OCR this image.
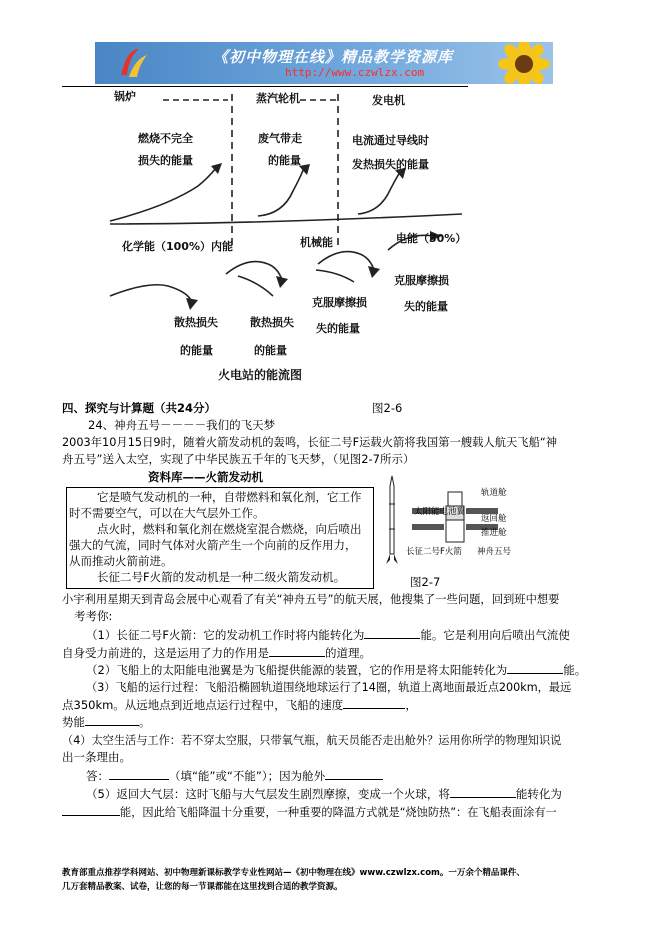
《初中物理在线》精品教学资源库
http://www.czwlzx.com
锅炉	蒸汽轮机	发电机
燃烧不完全
损失的能量
废气带走
的能量
电流通过导线时
发热损失的能量
化学能（100%）内能	机械能	电能（30%）
散热损失
的能量
散热损失
的能量
克服摩擦损
失的能量
克服摩擦损
失的能量
火电站的能流图
四、探究与计算题（共24分）	图2-6
24、神舟五号－－－－我们的飞天梦
2003年10月15日9时，随着火箭发动机的轰鸣，长征二号F运载火箭将我国第一艘载人航天飞船“神
舟五号”送入太空，实现了中华民族五千年的飞天梦，（见图2-7所示）
资料库——火箭发动机
它是喷气发动机的一种，自带燃料和氧化剂，它工作
时不需要空气，可以在大气层外工作。
点火时，燃料和氧化剂在燃烧室混合燃烧，向后喷出
强大的气流，同时气体对火箭产生一个向前的反作用力，
从而推动火箭前进。
长征二号F火箭的发动机是一种二级火箭发动机。
轨道舱
太阳能电池翼
返回舱
推进舱
长征二号F火箭 神舟五号
图2-7
小宇利用星期天到青岛会展中心观看了有关“神舟五号”的航天展，他搜集了一些问题，回到班中想要
考考你:
（1）长征二号F火箭：它的发动机工作时将内能转化为	能。它是利用向后喷出气流使
自身受力前进的，这是运用了力的作用是	的道理。
（2）飞船上的太阳能电池翼是为飞船提供能源的装置，它的作用是将太阳能转化为	能。
（3）飞船的运行过程：飞船沿椭圆轨道围绕地球运行了14圈，轨道上离地面最近点200km，最远
点350km。从远地点到近地点运行过程中，飞船的速度	，
势能	。
（4）太空生活与工作：若不穿太空服，只带氧气瓶，航天员能否走出舱外？运用你所学的物理知识说
出一条理由。
答：	（填“能”或“不能”）；因为舱外
（5）返回大气层：这时飞船与大气层发生剧烈摩擦，变成一个火球，将	能转化为
能，因此给飞船降温十分重要，一种重要的降温方式就是“烧蚀防热”：在飞船表面涂有一
教育部重点推荐学科网站、初中物理新课标教学专业性网站—《初中物理在线》www.czwlzx.com。一万余个精品课件、
几万套精品教案、试卷，让您的每一节课都能在这里找到合适的教学资源。
